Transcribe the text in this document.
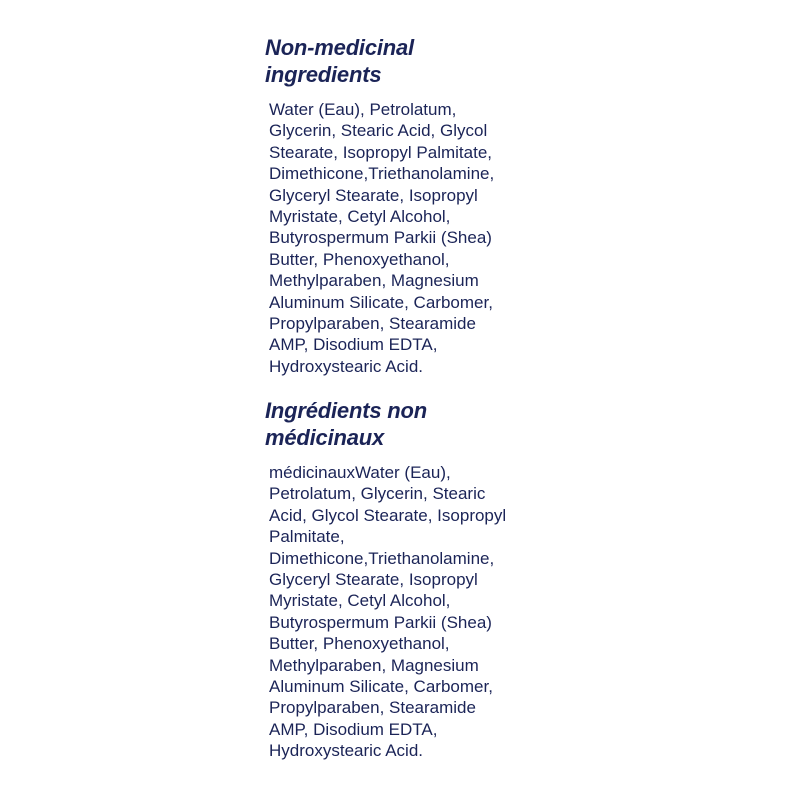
Non-medicinal
ingredients
Water (Eau), Petrolatum,
Glycerin, Stearic Acid, Glycol
Stearate, Isopropyl Palmitate,
Dimethicone,Triethanolamine,
Glyceryl Stearate, Isopropyl
Myristate, Cetyl Alcohol,
Butyrospermum Parkii (Shea)
Butter, Phenoxyethanol,
Methylparaben, Magnesium
Aluminum Silicate, Carbomer,
Propylparaben, Stearamide
AMP, Disodium EDTA,
Hydroxystearic Acid.
Ingrédients non
médicinaux
médicinauxWater (Eau),
Petrolatum, Glycerin, Stearic
Acid, Glycol Stearate, Isopropyl
Palmitate,
Dimethicone,Triethanolamine,
Glyceryl Stearate, Isopropyl
Myristate, Cetyl Alcohol,
Butyrospermum Parkii (Shea)
Butter, Phenoxyethanol,
Methylparaben, Magnesium
Aluminum Silicate, Carbomer,
Propylparaben, Stearamide
AMP, Disodium EDTA,
Hydroxystearic Acid.
